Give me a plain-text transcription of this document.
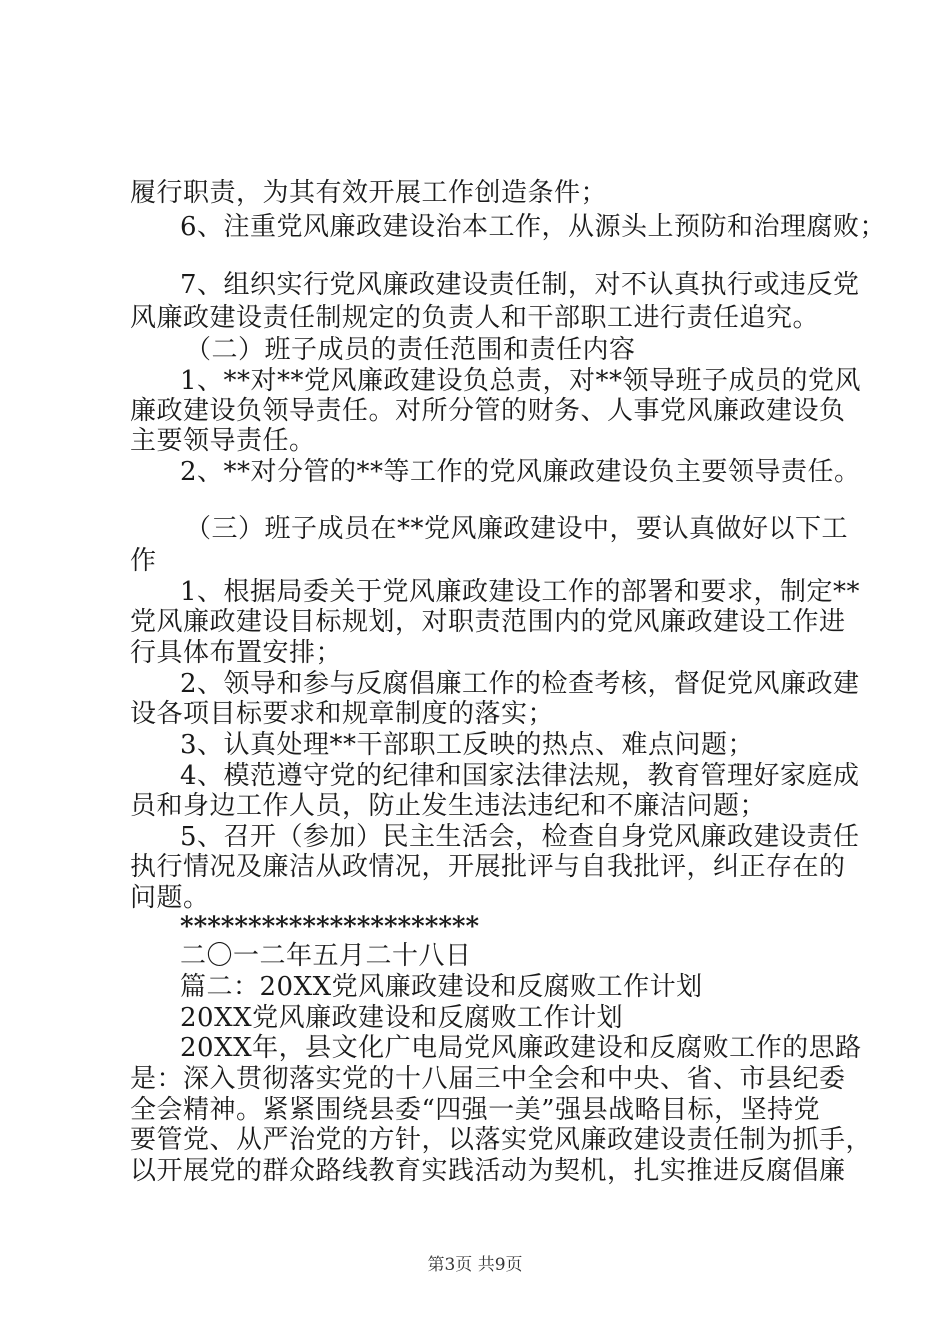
履行职责，为其有效开展工作创造条件；
6、注重党风廉政建设治本工作，从源头上预防和治理腐败；
7、组织实行党风廉政建设责任制，对不认真执行或违反党
风廉政建设责任制规定的负责人和干部职工进行责任追究。
（二）班子成员的责任范围和责任内容
1、**对**党风廉政建设负总责，对**领导班子成员的党风
廉政建设负领导责任。对所分管的财务、人事党风廉政建设负
主要领导责任。
2、**对分管的**等工作的党风廉政建设负主要领导责任。
（三）班子成员在**党风廉政建设中，要认真做好以下工
作
1、根据局委关于党风廉政建设工作的部署和要求，制定**
党风廉政建设目标规划，对职责范围内的党风廉政建设工作进
行具体布置安排；
2、领导和参与反腐倡廉工作的检查考核，督促党风廉政建
设各项目标要求和规章制度的落实；
3、认真处理**干部职工反映的热点、难点问题；
4、模范遵守党的纪律和国家法律法规，教育管理好家庭成
员和身边工作人员，防止发生违法违纪和不廉洁问题；
5、召开（参加）民主生活会，检查自身党风廉政建设责任
执行情况及廉洁从政情况，开展批评与自我批评，纠正存在的
问题。
**********************
二〇一二年五月二十八日
篇二：20XX党风廉政建设和反腐败工作计划
20XX党风廉政建设和反腐败工作计划
20XX年，县文化广电局党风廉政建设和反腐败工作的思路
是：深入贯彻落实党的十八届三中全会和中央、省、市县纪委
全会精神。紧紧围绕县委“四强一美”强县战略目标，坚持党
要管党、从严治党的方针，以落实党风廉政建设责任制为抓手，
以开展党的群众路线教育实践活动为契机，扎实推进反腐倡廉
第3页 共9页
